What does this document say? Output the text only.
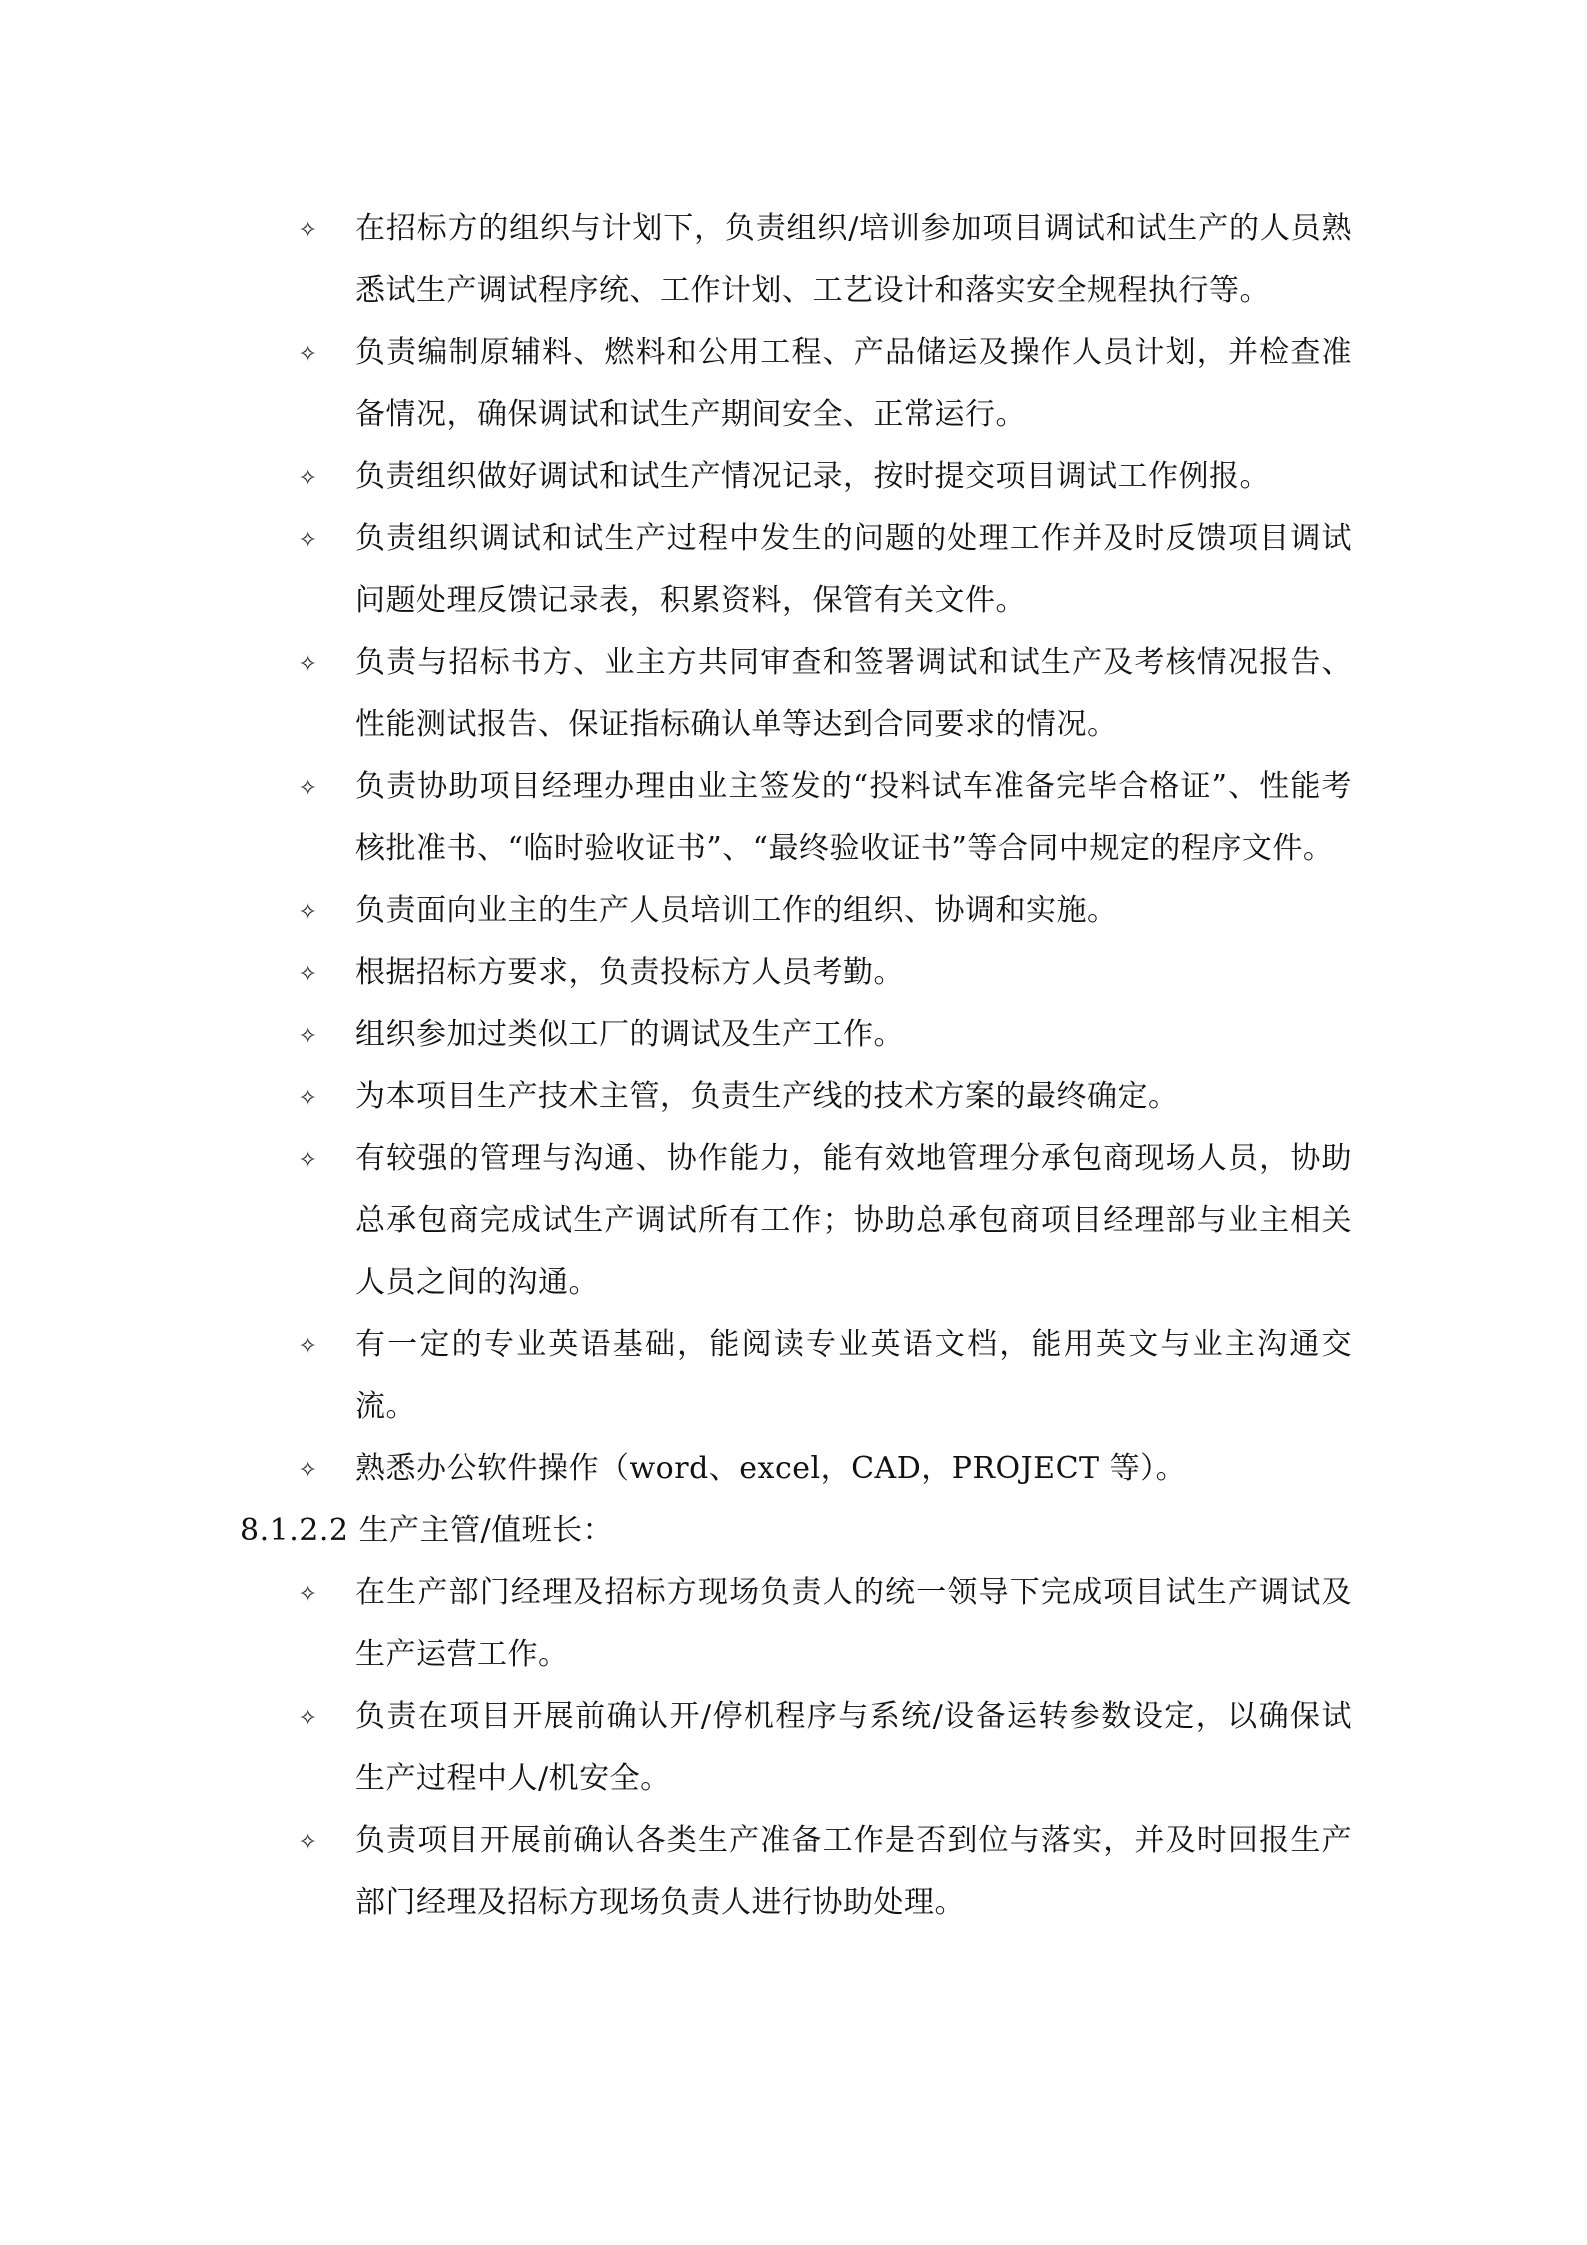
✧ 在招标方的组织与计划下，负责组织/培训参加项目调试和试生产的人员熟悉试生产调试程序统、工作计划、工艺设计和落实安全规程执行等。
✧ 负责编制原辅料、燃料和公用工程、产品储运及操作人员计划，并检查准备情况，确保调试和试生产期间安全、正常运行。
✧ 负责组织做好调试和试生产情况记录，按时提交项目调试工作例报。
✧ 负责组织调试和试生产过程中发生的问题的处理工作并及时反馈项目调试问题处理反馈记录表，积累资料，保管有关文件。
✧ 负责与招标书方、业主方共同审查和签署调试和试生产及考核情况报告、性能测试报告、保证指标确认单等达到合同要求的情况。
✧ 负责协助项目经理办理由业主签发的“投料试车准备完毕合格证”、性能考核批准书、“临时验收证书”、“最终验收证书”等合同中规定的程序文件。
✧ 负责面向业主的生产人员培训工作的组织、协调和实施。
✧ 根据招标方要求，负责投标方人员考勤。
✧ 组织参加过类似工厂的调试及生产工作。
✧ 为本项目生产技术主管，负责生产线的技术方案的最终确定。
✧ 有较强的管理与沟通、协作能力，能有效地管理分承包商现场人员，协助总承包商完成试生产调试所有工作；协助总承包商项目经理部与业主相关人员之间的沟通。
✧ 有一定的专业英语基础，能阅读专业英语文档，能用英文与业主沟通交流。
✧ 熟悉办公软件操作（word、excel，CAD，PROJECT 等）。
8.1.2.2 生产主管/值班长：
✧ 在生产部门经理及招标方现场负责人的统一领导下完成项目试生产调试及生产运营工作。
✧ 负责在项目开展前确认开/停机程序与系统/设备运转参数设定，以确保试生产过程中人/机安全。
✧ 负责项目开展前确认各类生产准备工作是否到位与落实，并及时回报生产部门经理及招标方现场负责人进行协助处理。
